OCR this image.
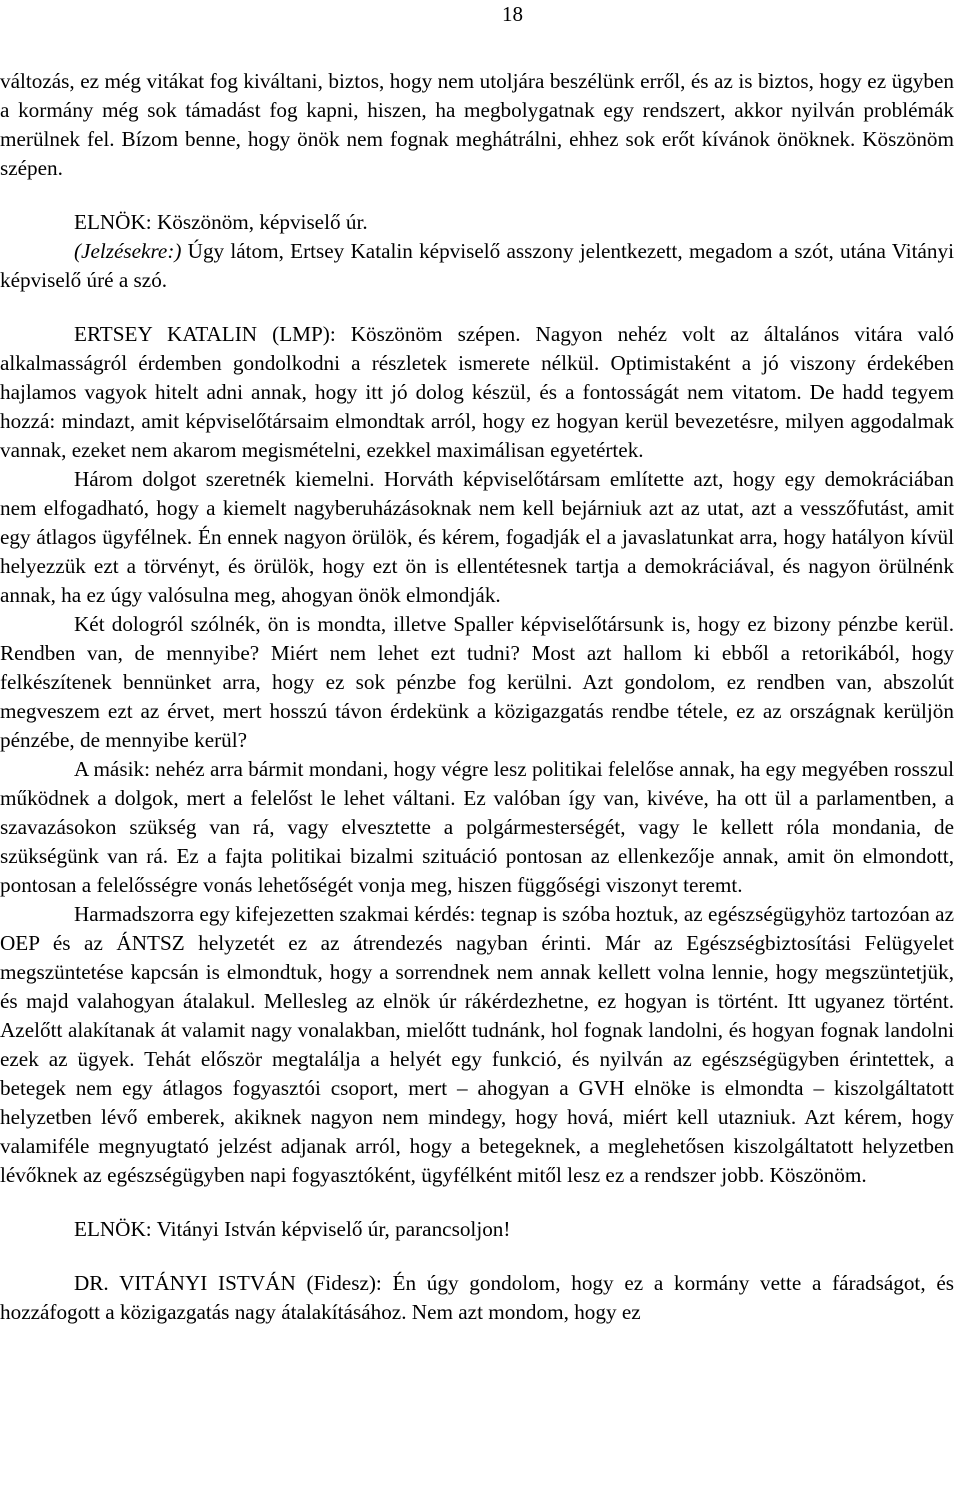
18

változás, ez még vitákat fog kiváltani, biztos, hogy nem utoljára beszélünk erről, és az is biztos, hogy ez ügyben a kormány még sok támadást fog kapni, hiszen, ha megbolygatnak egy rendszert, akkor nyilván problémák merülnek fel. Bízom benne, hogy önök nem fognak meghátrálni, ehhez sok erőt kívánok önöknek. Köszönöm szépen.

ELNÖK: Köszönöm, képviselő úr.

(Jelzésekre:) Úgy látom, Ertsey Katalin képviselő asszony jelentkezett, megadom a szót, utána Vitányi képviselő úré a szó.

ERTSEY KATALIN (LMP): Köszönöm szépen. Nagyon nehéz volt az általános vitára való alkalmasságról érdemben gondolkodni a részletek ismerete nélkül. Optimistaként a jó viszony érdekében hajlamos vagyok hitelt adni annak, hogy itt jó dolog készül, és a fontosságát nem vitatom. De hadd tegyem hozzá: mindazt, amit képviselőtársaim elmondtak arról, hogy ez hogyan kerül bevezetésre, milyen aggodalmak vannak, ezeket nem akarom megismételni, ezekkel maximálisan egyetértek.

Három dolgot szeretnék kiemelni. Horváth képviselőtársam említette azt, hogy egy demokráciában nem elfogadható, hogy a kiemelt nagyberuházásoknak nem kell bejárniuk azt az utat, azt a vesszőfutást, amit egy átlagos ügyfélnek. Én ennek nagyon örülök, és kérem, fogadják el a javaslatunkat arra, hogy hatályon kívül helyezzük ezt a törvényt, és örülök, hogy ezt ön is ellentétesnek tartja a demokráciával, és nagyon örülnénk annak, ha ez úgy valósulna meg, ahogyan önök elmondják.

Két dologról szólnék, ön is mondta, illetve Spaller képviselőtársunk is, hogy ez bizony pénzbe kerül. Rendben van, de mennyibe? Miért nem lehet ezt tudni? Most azt hallom ki ebből a retorikából, hogy felkészítenek bennünket arra, hogy ez sok pénzbe fog kerülni. Azt gondolom, ez rendben van, abszolút megveszem ezt az érvet, mert hosszú távon érdekünk a közigazgatás rendbe tétele, ez az országnak kerüljön pénzébe, de mennyibe kerül?

A másik: nehéz arra bármit mondani, hogy végre lesz politikai felelőse annak, ha egy megyében rosszul működnek a dolgok, mert a felelőst le lehet váltani. Ez valóban így van, kivéve, ha ott ül a parlamentben, a szavazásokon szükség van rá, vagy elvesztette a polgármesterségét, vagy le kellett róla mondania, de szükségünk van rá. Ez a fajta politikai bizalmi szituáció pontosan az ellenkezője annak, amit ön elmondott, pontosan a felelősségre vonás lehetőségét vonja meg, hiszen függőségi viszonyt teremt.

Harmadszorra egy kifejezetten szakmai kérdés: tegnap is szóba hoztuk, az egészségügyhöz tartozóan az OEP és az ÁNTSZ helyzetét ez az átrendezés nagyban érinti. Már az Egészségbiztosítási Felügyelet megszüntetése kapcsán is elmondtuk, hogy a sorrendnek nem annak kellett volna lennie, hogy megszüntetjük, és majd valahogyan átalakul. Mellesleg az elnök úr rákérdezhetne, ez hogyan is történt. Itt ugyanez történt. Azelőtt alakítanak át valamit nagy vonalakban, mielőtt tudnánk, hol fognak landolni, és hogyan fognak landolni ezek az ügyek. Tehát először megtalálja a helyét egy funkció, és nyilván az egészségügyben érintettek, a betegek nem egy átlagos fogyasztói csoport, mert – ahogyan a GVH elnöke is elmondta – kiszolgáltatott helyzetben lévő emberek, akiknek nagyon nem mindegy, hogy hová, miért kell utazniuk. Azt kérem, hogy valamiféle megnyugtató jelzést adjanak arról, hogy a betegeknek, a meglehetősen kiszolgáltatott helyzetben lévőknek az egészségügyben napi fogyasztóként, ügyfélként mitől lesz ez a rendszer jobb. Köszönöm.

ELNÖK: Vitányi István képviselő úr, parancsoljon!

DR. VITÁNYI ISTVÁN (Fidesz): Én úgy gondolom, hogy ez a kormány vette a fáradságot, és hozzáfogott a közigazgatás nagy átalakításához. Nem azt mondom, hogy ez
